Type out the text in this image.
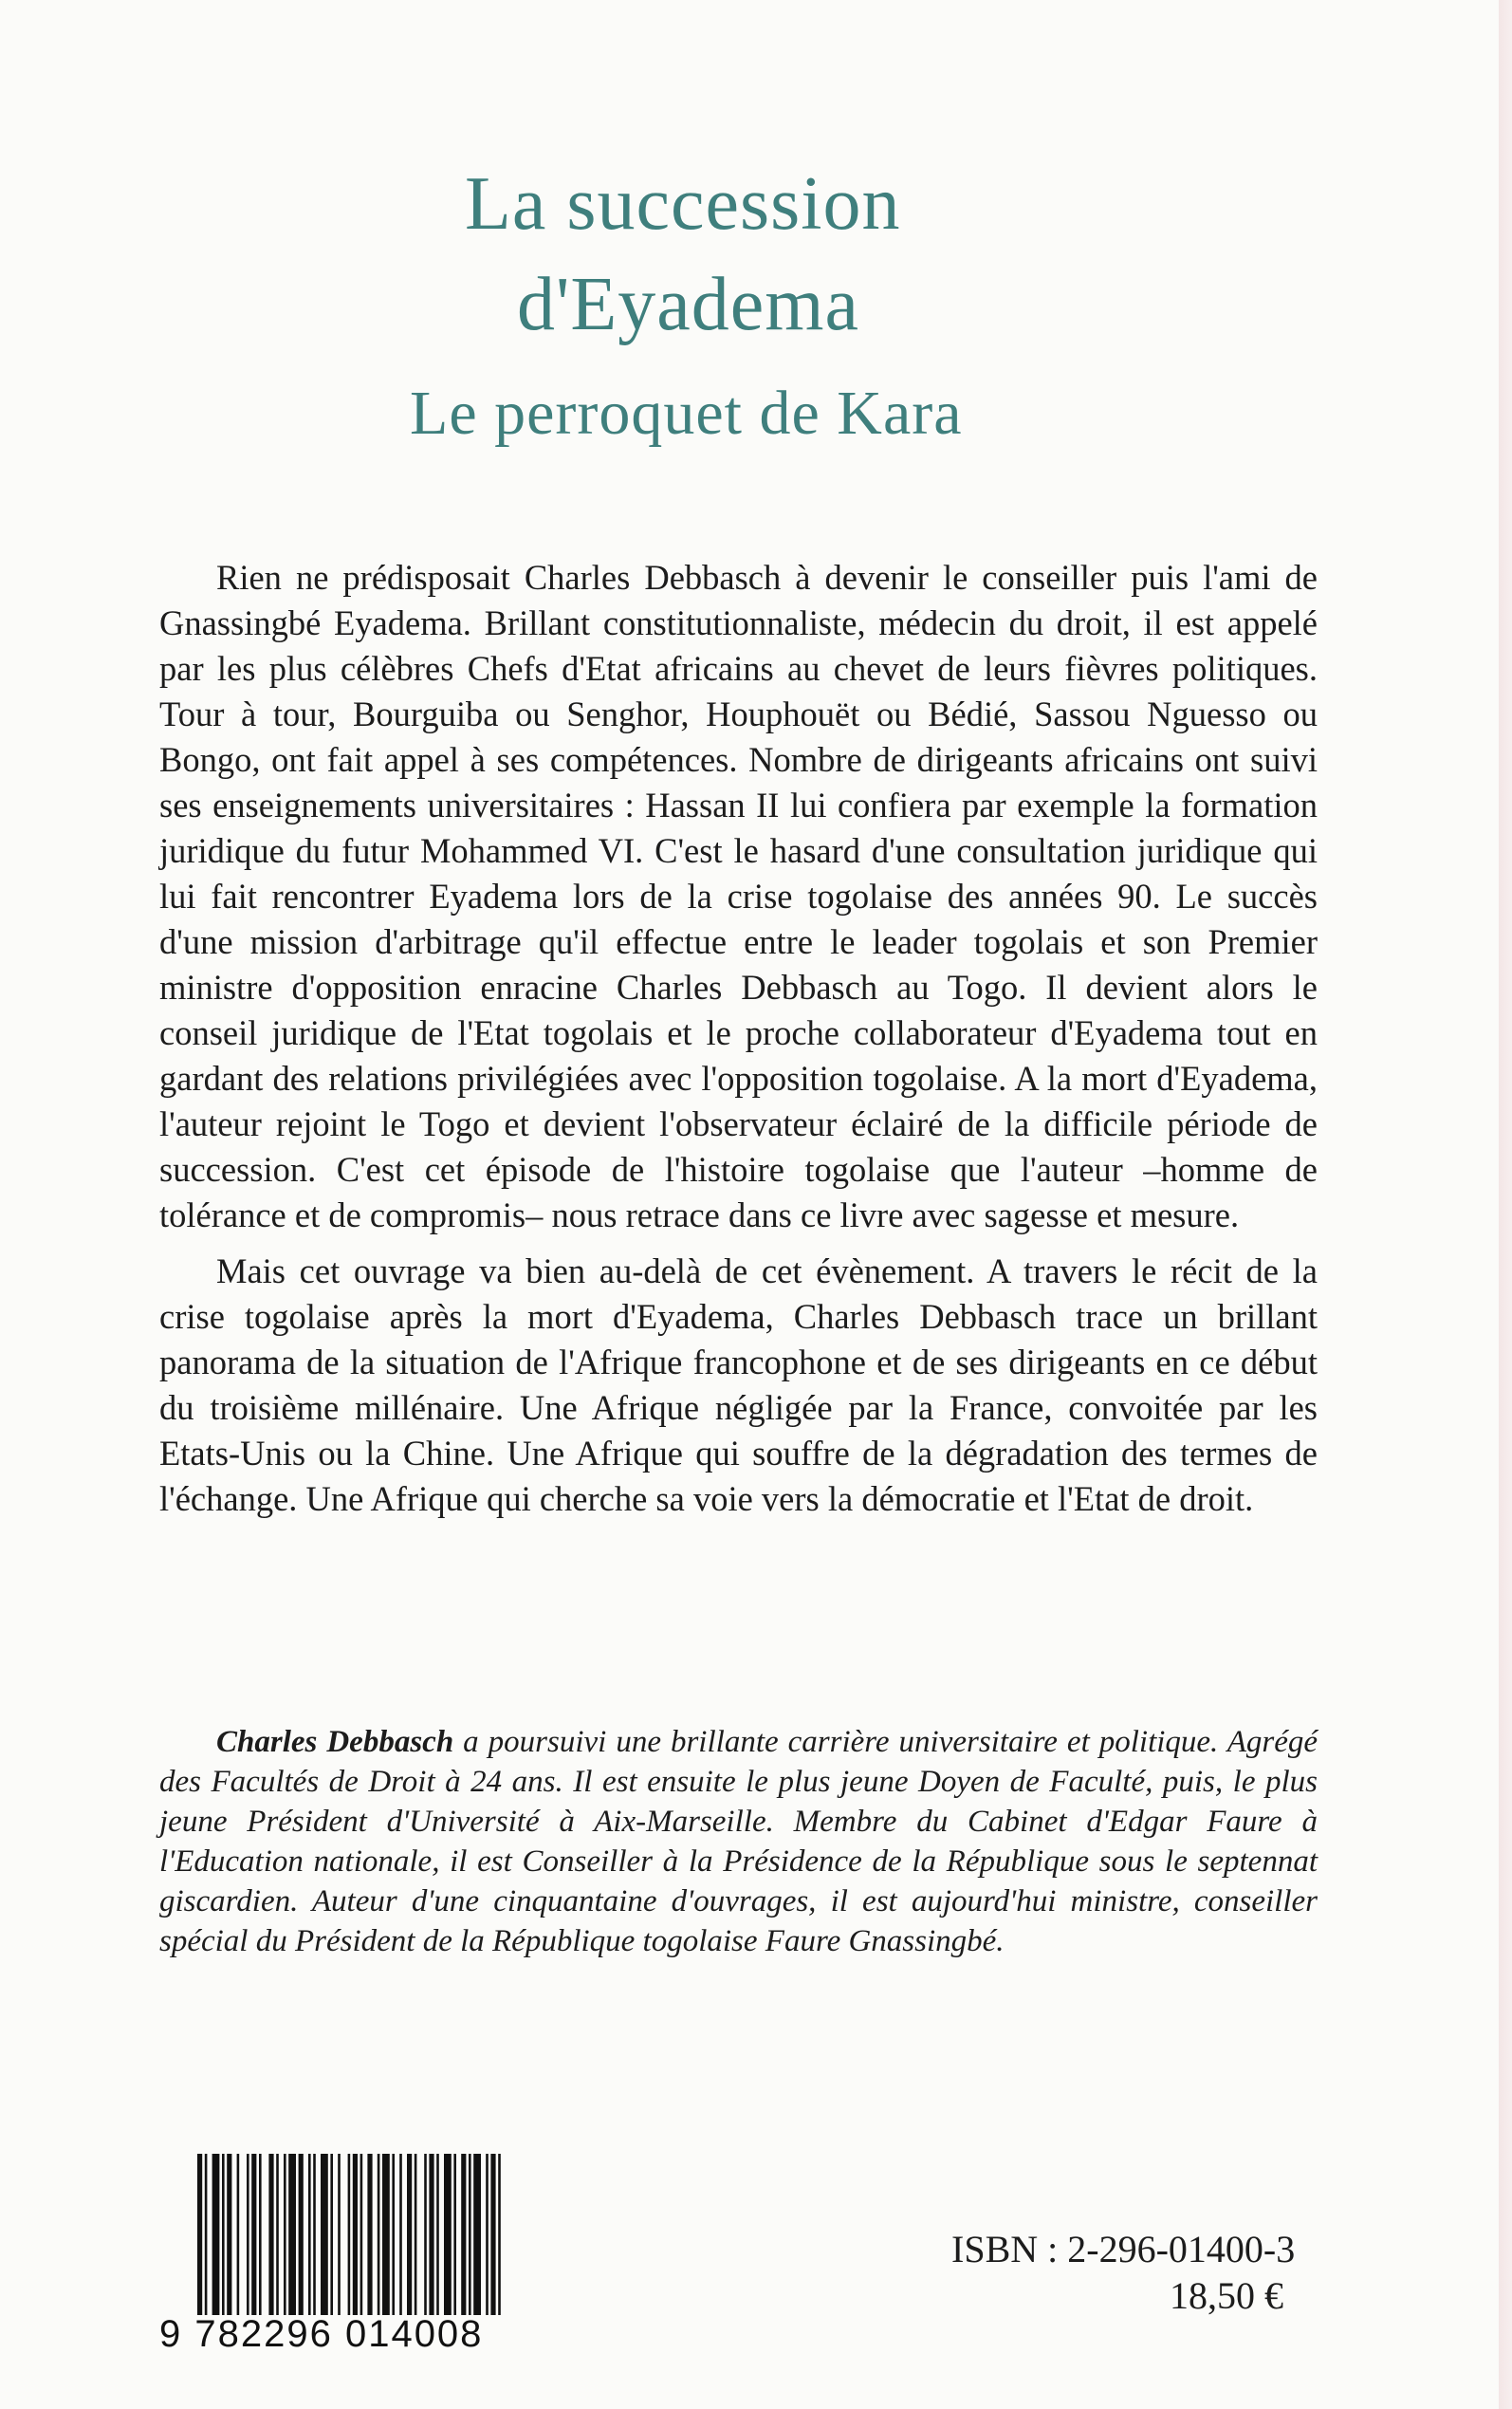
La succession
d'Eyadema
Le perroquet de Kara

Rien ne prédisposait Charles Debbasch à devenir le conseiller puis l'ami de Gnassingbé Eyadema. Brillant constitutionnaliste, médecin du droit, il est appelé par les plus célèbres Chefs d'Etat africains au chevet de leurs fièvres politiques. Tour à tour, Bourguiba ou Senghor, Houphouët ou Bédié, Sassou Nguesso ou Bongo, ont fait appel à ses compétences. Nombre de dirigeants africains ont suivi ses enseignements universitaires : Hassan II lui confiera par exemple la formation juridique du futur Mohammed VI. C'est le hasard d'une consultation juridique qui lui fait rencontrer Eyadema lors de la crise togolaise des années 90. Le succès d'une mission d'arbitrage qu'il effectue entre le leader togolais et son Premier ministre d'opposition enracine Charles Debbasch au Togo. Il devient alors le conseil juridique de l'Etat togolais et le proche collaborateur d'Eyadema tout en gardant des relations privilégiées avec l'opposition togolaise. A la mort d'Eyadema, l'auteur rejoint le Togo et devient l'observateur éclairé de la difficile période de succession. C'est cet épisode de l'histoire togolaise que l'auteur –homme de tolérance et de compromis– nous retrace dans ce livre avec sagesse et mesure.

Mais cet ouvrage va bien au-delà de cet évènement. A travers le récit de la crise togolaise après la mort d'Eyadema, Charles Debbasch trace un brillant panorama de la situation de l'Afrique francophone et de ses dirigeants en ce début du troisième millénaire. Une Afrique négligée par la France, convoitée par les Etats-Unis ou la Chine. Une Afrique qui souffre de la dégradation des termes de l'échange. Une Afrique qui cherche sa voie vers la démocratie et l'Etat de droit.

Charles Debbasch a poursuivi une brillante carrière universitaire et politique. Agrégé des Facultés de Droit à 24 ans. Il est ensuite le plus jeune Doyen de Faculté, puis, le plus jeune Président d'Université à Aix-Marseille. Membre du Cabinet d'Edgar Faure à l'Education nationale, il est Conseiller à la Présidence de la République sous le septennat giscardien. Auteur d'une cinquantaine d'ouvrages, il est aujourd'hui ministre, conseiller spécial du Président de la République togolaise Faure Gnassingbé.
9 782296 014008
ISBN : 2-296-01400-3
18,50 €
